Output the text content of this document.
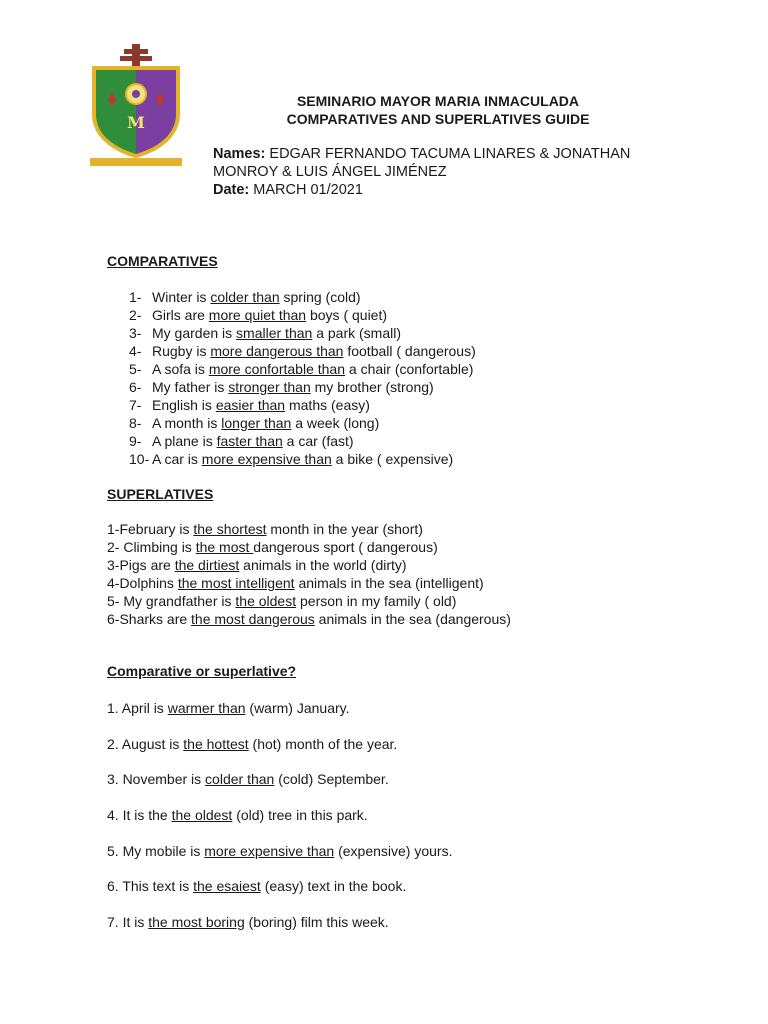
M
SEMINARIO MAYOR MARIA INMACULADA
COMPARATIVES AND SUPERLATIVES GUIDE
Names: EDGAR FERNANDO TACUMA LINARES & JONATHAN
MONROY & LUIS ÁNGEL JIMÉNEZ
Date: MARCH 01/2021
COMPARATIVES
1- Winter is colder than spring (cold)
2- Girls are more quiet than boys ( quiet)
3- My garden is smaller than a park (small)
4- Rugby is more dangerous than football ( dangerous)
5- A sofa is more confortable than a chair (confortable)
6- My father is stronger than my brother (strong)
7- English is easier than maths (easy)
8- A month is longer than a week (long)
9- A plane is faster than a car (fast)
10- A car is more expensive than a bike ( expensive)
SUPERLATIVES
1-February is the shortest month in the year (short)
2- Climbing is the most dangerous sport ( dangerous)
3-Pigs are the dirtiest animals in the world (dirty)
4-Dolphins the most intelligent animals in the sea (intelligent)
5- My grandfather is the oldest person in my family ( old)
6-Sharks are the most dangerous animals in the sea (dangerous)
Comparative or superlative?
1. April is warmer than (warm) January.
2. August is the hottest (hot) month of the year.
3. November is colder than (cold) September.
4. It is the the oldest (old) tree in this park.
5. My mobile is more expensive than (expensive) yours.
6. This text is the esaiest (easy) text in the book.
7. It is the most boring (boring) film this week.
